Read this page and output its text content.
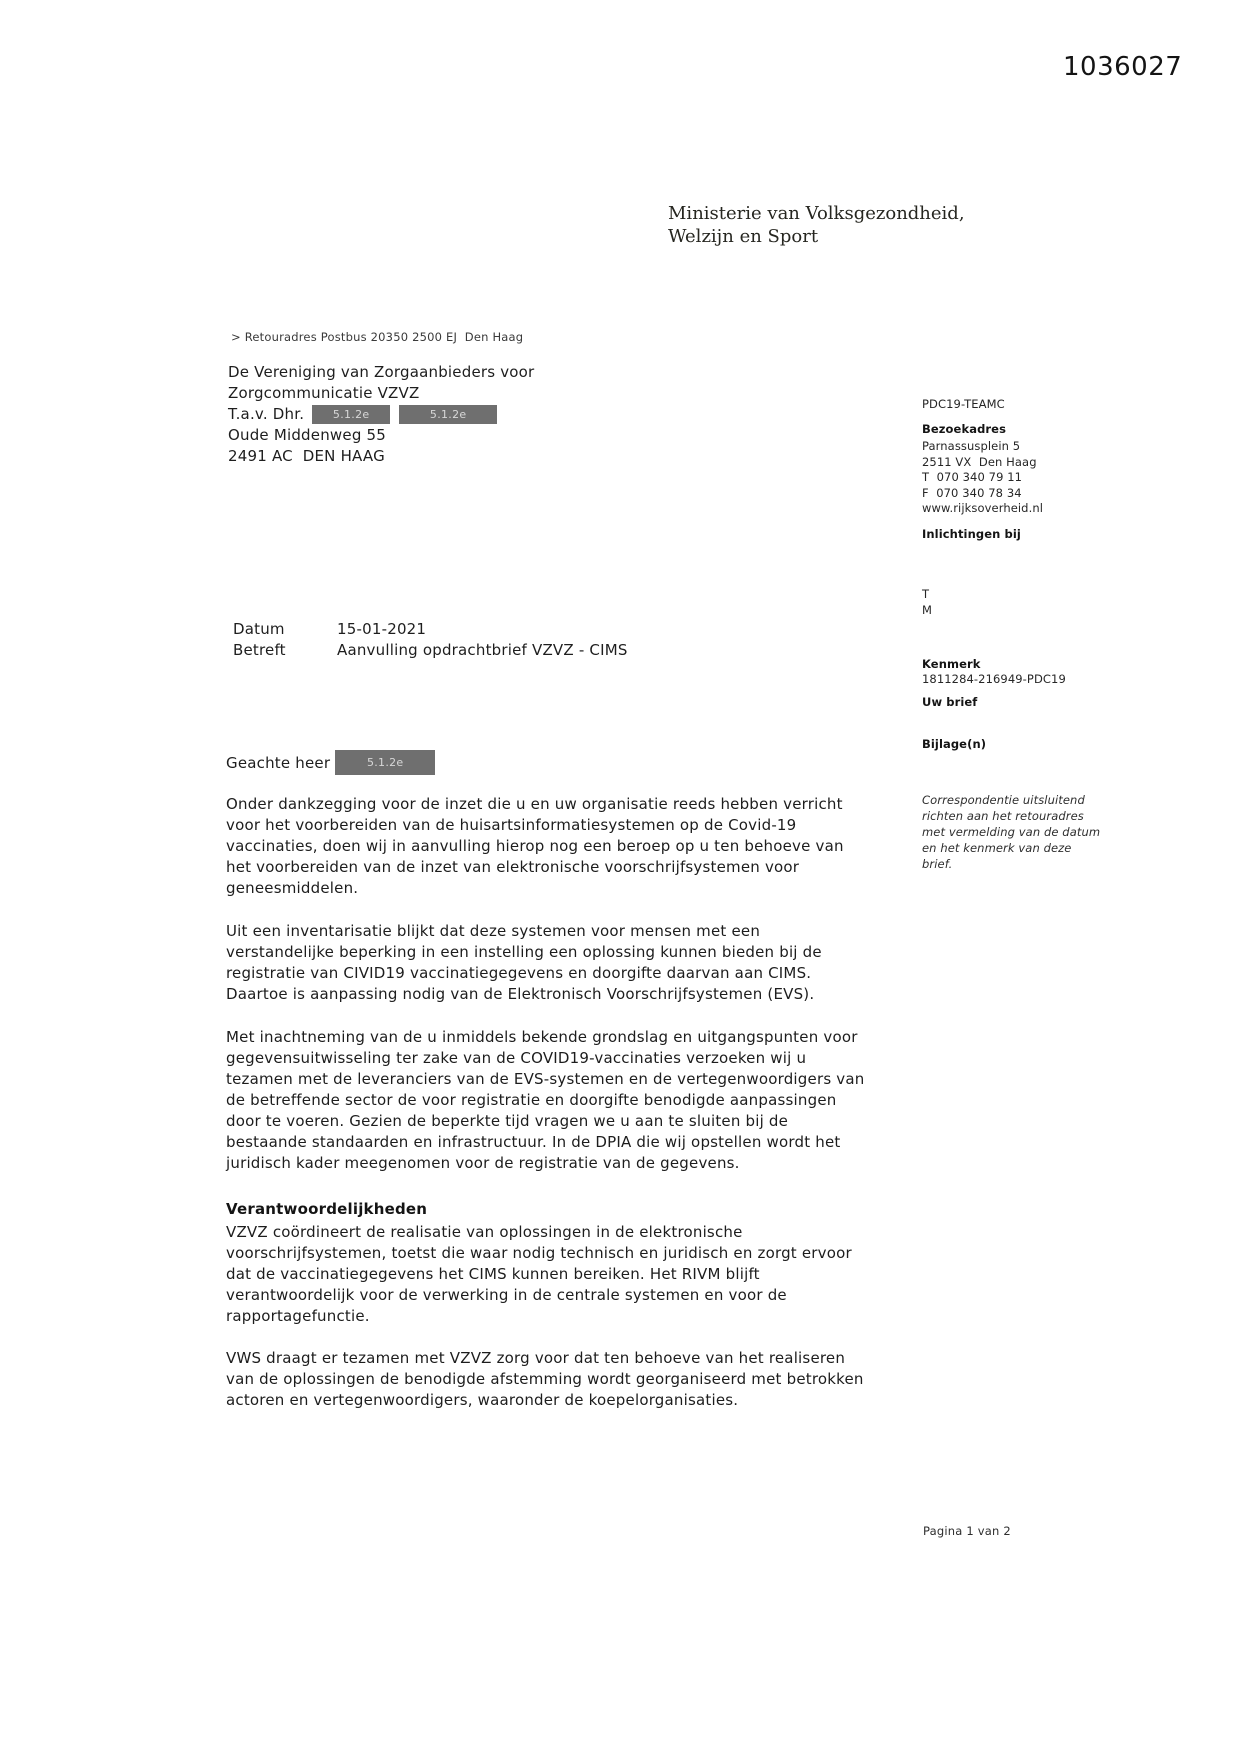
1036027
Ministerie van Volksgezondheid,
Welzijn en Sport
> Retouradres Postbus 20350 2500 EJ  Den Haag
De Vereniging van Zorgaanbieders voor
Zorgcommunicatie VZVZ
T.a.v. Dhr.	5.1.2e	5.1.2e
Oude Middenweg 55
2491 AC  DEN HAAG
Datum	15-01-2021
Betreft	Aanvulling opdrachtbrief VZVZ - CIMS
PDC19-TEAMC
Bezoekadres
Parnassusplein 5
2511 VX  Den Haag
T  070 340 79 11
F  070 340 78 34
www.rijksoverheid.nl
Inlichtingen bij
T
M
Kenmerk
1811284-216949-PDC19
Uw brief
Bijlage(n)
Correspondentie uitsluitend
richten aan het retouradres
met vermelding van de datum
en het kenmerk van deze
brief.
Geachte heer	5.1.2e
Onder dankzegging voor de inzet die u en uw organisatie reeds hebben verricht
voor het voorbereiden van de huisartsinformatiesystemen op de Covid-19
vaccinaties, doen wij in aanvulling hierop nog een beroep op u ten behoeve van
het voorbereiden van de inzet van elektronische voorschrijfsystemen voor
geneesmiddelen.
Uit een inventarisatie blijkt dat deze systemen voor mensen met een
verstandelijke beperking in een instelling een oplossing kunnen bieden bij de
registratie van CIVID19 vaccinatiegegevens en doorgifte daarvan aan CIMS.
Daartoe is aanpassing nodig van de Elektronisch Voorschrijfsystemen (EVS).
Met inachtneming van de u inmiddels bekende grondslag en uitgangspunten voor
gegevensuitwisseling ter zake van de COVID19-vaccinaties verzoeken wij u
tezamen met de leveranciers van de EVS-systemen en de vertegenwoordigers van
de betreffende sector de voor registratie en doorgifte benodigde aanpassingen
door te voeren. Gezien de beperkte tijd vragen we u aan te sluiten bij de
bestaande standaarden en infrastructuur. In de DPIA die wij opstellen wordt het
juridisch kader meegenomen voor de registratie van de gegevens.
Verantwoordelijkheden
VZVZ coördineert de realisatie van oplossingen in de elektronische
voorschrijfsystemen, toetst die waar nodig technisch en juridisch en zorgt ervoor
dat de vaccinatiegegevens het CIMS kunnen bereiken. Het RIVM blijft
verantwoordelijk voor de verwerking in de centrale systemen en voor de
rapportagefunctie.
VWS draagt er tezamen met VZVZ zorg voor dat ten behoeve van het realiseren
van de oplossingen de benodigde afstemming wordt georganiseerd met betrokken
actoren en vertegenwoordigers, waaronder de koepelorganisaties.
Pagina 1 van 2
